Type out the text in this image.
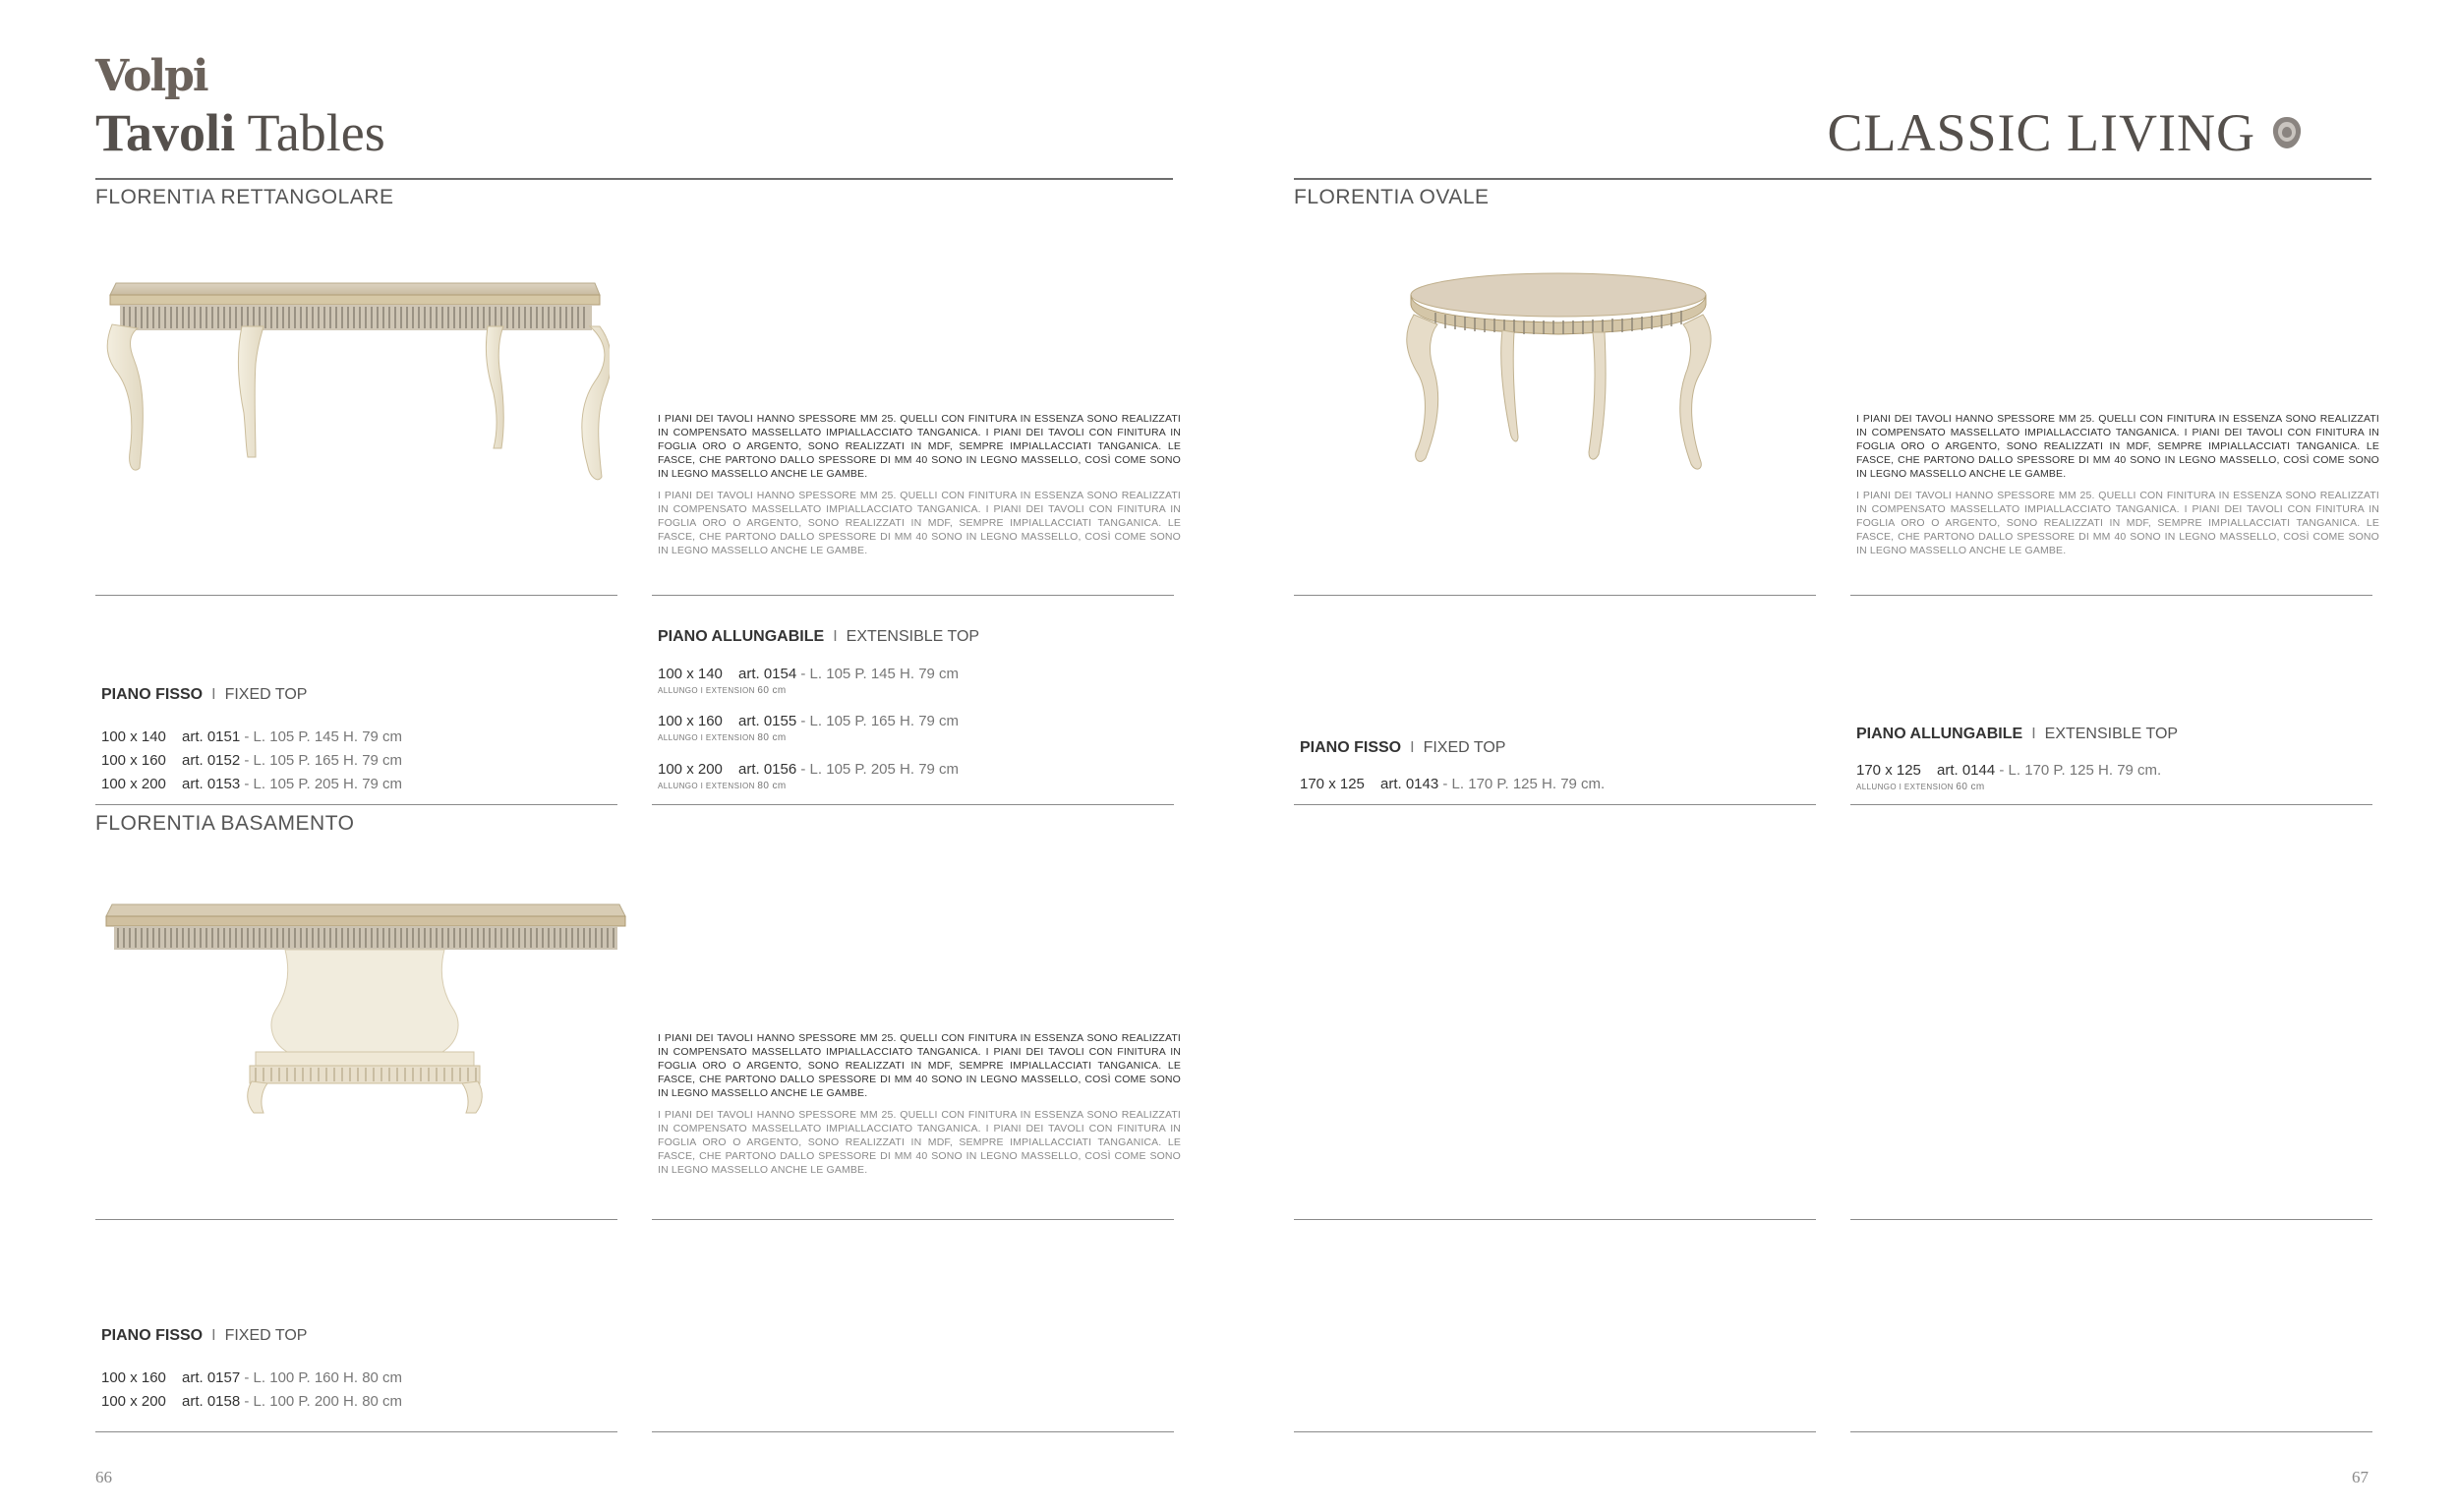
Volpi
Tavoli Tables	CLASSIC LIVING
FLORENTIA RETTANGOLARE
I PIANI DEI TAVOLI HANNO SPESSORE MM 25. QUELLI CON FINITURA IN ESSENZA SONO REALIZZATI IN COMPENSATO MASSELLATO IMPIALLACCIATO TANGANICA. I PIANI DEI TAVOLI CON FINITURA IN FOGLIA ORO O ARGENTO, SONO REALIZZATI IN MDF, SEMPRE IMPIALLACCIATI TANGANICA. LE FASCE, CHE PARTONO DALLO SPESSORE DI MM 40 SONO IN LEGNO MASSELLO, COSÌ COME SONO IN LEGNO MASSELLO ANCHE LE GAMBE.
I PIANI DEI TAVOLI HANNO SPESSORE MM 25. QUELLI CON FINITURA IN ESSENZA SONO REALIZZATI IN COMPENSATO MASSELLATO IMPIALLACCIATO TANGANICA. I PIANI DEI TAVOLI CON FINITURA IN FOGLIA ORO O ARGENTO, SONO REALIZZATI IN MDF, SEMPRE IMPIALLACCIATI TANGANICA. LE FASCE, CHE PARTONO DALLO SPESSORE DI MM 40 SONO IN LEGNO MASSELLO, COSÌ COME SONO IN LEGNO MASSELLO ANCHE LE GAMBE.
PIANO FISSO I FIXED TOP
100 x 140 art. 0151 - L. 105 P. 145 H. 79 cm
100 x 160 art. 0152 - L. 105 P. 165 H. 79 cm
100 x 200 art. 0153 - L. 105 P. 205 H. 79 cm
PIANO ALLUNGABILE I EXTENSIBLE TOP
100 x 140 art. 0154 - L. 105 P. 145 H. 79 cm
ALLUNGO I EXTENSION 60 cm
100 x 160 art. 0155 - L. 105 P. 165 H. 79 cm
ALLUNGO I EXTENSION 80 cm
100 x 200 art. 0156 - L. 105 P. 205 H. 79 cm
ALLUNGO I EXTENSION 80 cm
FLORENTIA OVALE
I PIANI DEI TAVOLI HANNO SPESSORE MM 25. QUELLI CON FINITURA IN ESSENZA SONO REALIZZATI IN COMPENSATO MASSELLATO IMPIALLACCIATO TANGANICA. I PIANI DEI TAVOLI CON FINITURA IN FOGLIA ORO O ARGENTO, SONO REALIZZATI IN MDF, SEMPRE IMPIALLACCIATI TANGANICA. LE FASCE, CHE PARTONO DALLO SPESSORE DI MM 40 SONO IN LEGNO MASSELLO, COSÌ COME SONO IN LEGNO MASSELLO ANCHE LE GAMBE.
I PIANI DEI TAVOLI HANNO SPESSORE MM 25. QUELLI CON FINITURA IN ESSENZA SONO REALIZZATI IN COMPENSATO MASSELLATO IMPIALLACCIATO TANGANICA. I PIANI DEI TAVOLI CON FINITURA IN FOGLIA ORO O ARGENTO, SONO REALIZZATI IN MDF, SEMPRE IMPIALLACCIATI TANGANICA. LE FASCE, CHE PARTONO DALLO SPESSORE DI MM 40 SONO IN LEGNO MASSELLO, COSÌ COME SONO IN LEGNO MASSELLO ANCHE LE GAMBE.
PIANO FISSO I FIXED TOP
170 x 125 art. 0143 - L. 170 P. 125 H. 79 cm.
PIANO ALLUNGABILE I EXTENSIBLE TOP
170 x 125 art. 0144 - L. 170 P. 125 H. 79 cm.
ALLUNGO I EXTENSION 60 cm
FLORENTIA BASAMENTO
I PIANI DEI TAVOLI HANNO SPESSORE MM 25. QUELLI CON FINITURA IN ESSENZA SONO REALIZZATI IN COMPENSATO MASSELLATO IMPIALLACCIATO TANGANICA. I PIANI DEI TAVOLI CON FINITURA IN FOGLIA ORO O ARGENTO, SONO REALIZZATI IN MDF, SEMPRE IMPIALLACCIATI TANGANICA. LE FASCE, CHE PARTONO DALLO SPESSORE DI MM 40 SONO IN LEGNO MASSELLO, COSÌ COME SONO IN LEGNO MASSELLO ANCHE LE GAMBE.
I PIANI DEI TAVOLI HANNO SPESSORE MM 25. QUELLI CON FINITURA IN ESSENZA SONO REALIZZATI IN COMPENSATO MASSELLATO IMPIALLACCIATO TANGANICA. I PIANI DEI TAVOLI CON FINITURA IN FOGLIA ORO O ARGENTO, SONO REALIZZATI IN MDF, SEMPRE IMPIALLACCIATI TANGANICA. LE FASCE, CHE PARTONO DALLO SPESSORE DI MM 40 SONO IN LEGNO MASSELLO, COSÌ COME SONO IN LEGNO MASSELLO ANCHE LE GAMBE.
PIANO FISSO I FIXED TOP
100 x 160 art. 0157 - L. 100 P. 160 H. 80 cm
100 x 200 art. 0158 - L. 100 P. 200 H. 80 cm
66	67
